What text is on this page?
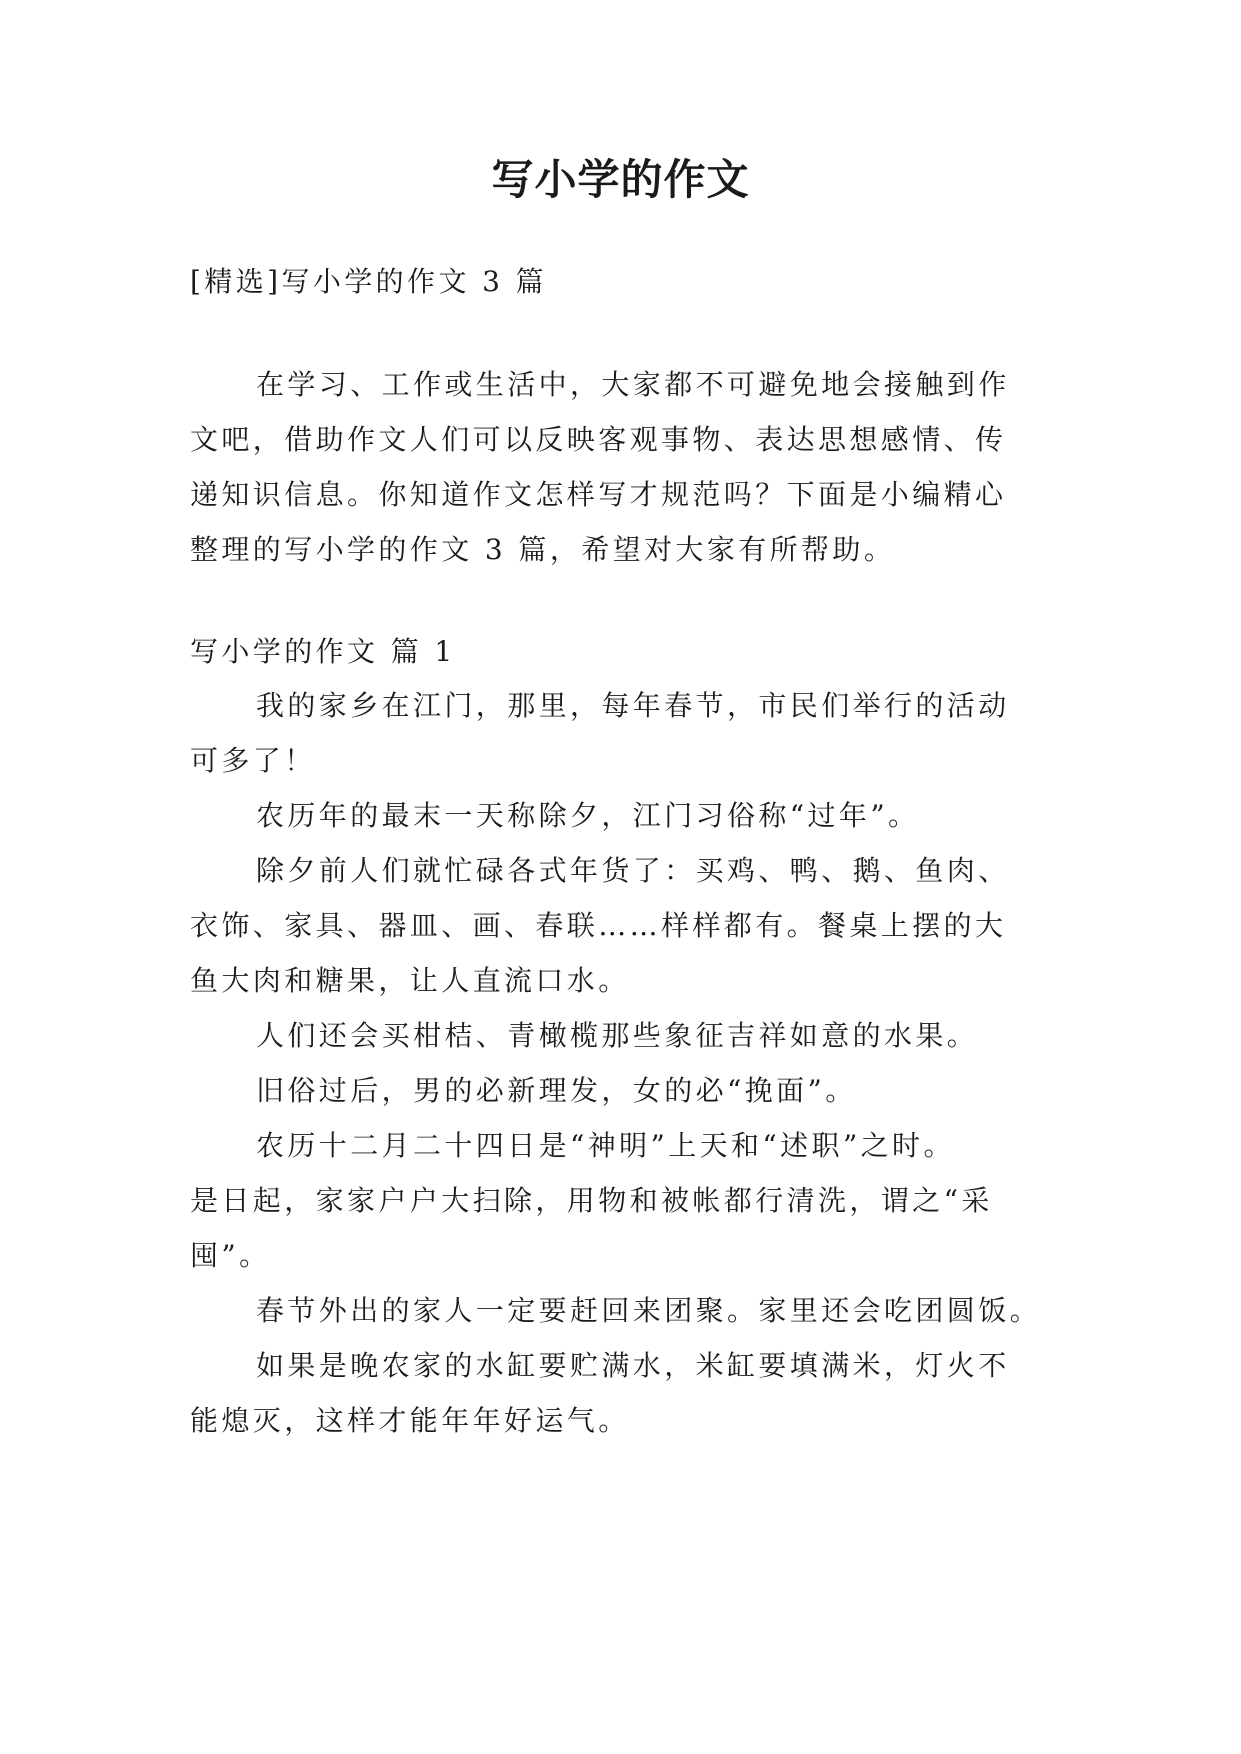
写小学的作文
[精选]写小学的作文 3 篇
在学习、工作或生活中，大家都不可避免地会接触到作
文吧，借助作文人们可以反映客观事物、表达思想感情、传
递知识信息。你知道作文怎样写才规范吗？下面是小编精心
整理的写小学的作文 3 篇，希望对大家有所帮助。
写小学的作文 篇 1
我的家乡在江门，那里，每年春节，市民们举行的活动
可多了！
农历年的最末一天称除夕，江门习俗称“过年”。
除夕前人们就忙碌各式年货了：买鸡、鸭、鹅、鱼肉、
衣饰、家具、器皿、画、春联……样样都有。餐桌上摆的大
鱼大肉和糖果，让人直流口水。
人们还会买柑桔、青橄榄那些象征吉祥如意的水果。
旧俗过后，男的必新理发，女的必“挽面”。
农历十二月二十四日是“神明”上天和“述职”之时。
是日起，家家户户大扫除，用物和被帐都行清洗，谓之“采
囤”。
春节外出的家人一定要赶回来团聚。家里还会吃团圆饭。
如果是晚农家的水缸要贮满水，米缸要填满米，灯火不
能熄灭，这样才能年年好运气。
